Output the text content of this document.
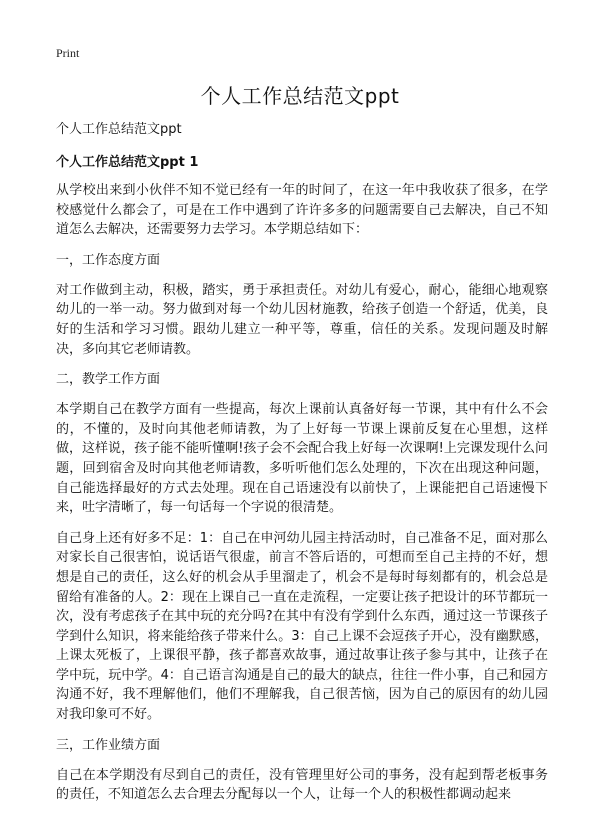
Print
个人工作总结范文ppt

个人工作总结范文ppt

个人工作总结范文ppt 1

从学校出来到小伙伴不知不觉已经有一年的时间了，在这一年中我收获了很多，在学校感觉什么都会了，可是在工作中遇到了许许多多的问题需要自己去解决，自己不知道怎么去解决，还需要努力去学习。本学期总结如下：

一，工作态度方面

对工作做到主动，积极，踏实，勇于承担责任。对幼儿有爱心，耐心，能细心地观察幼儿的一举一动。努力做到对每一个幼儿因材施教，给孩子创造一个舒适，优美，良好的生活和学习习惯。跟幼儿建立一种平等，尊重，信任的关系。发现问题及时解决，多向其它老师请教。

二，教学工作方面

本学期自己在教学方面有一些提高，每次上课前认真备好每一节课，其中有什么不会的，不懂的，及时向其他老师请教，为了上好每一节课上课前反复在心里想，这样做，这样说，孩子能不能听懂啊!孩子会不会配合我上好每一次课啊!上完课发现什么问题，回到宿舍及时向其他老师请教，多听听他们怎么处理的，下次在出现这种问题，自己能选择最好的方式去处理。现在自己语速没有以前快了，上课能把自己语速慢下来，吐字清晰了，每一句话每一个字说的很清楚。

自己身上还有好多不足：1：自己在申河幼儿园主持活动时，自己准备不足，面对那么对家长自己很害怕，说话语气很虚，前言不答后语的，可想而至自己主持的不好，想想是自己的责任，这么好的机会从手里溜走了，机会不是每时每刻都有的，机会总是留给有准备的人。2：现在上课自己一直在走流程，一定要让孩子把设计的环节都玩一次，没有考虑孩子在其中玩的充分吗?在其中有没有学到什么东西，通过这一节课孩子学到什么知识，将来能给孩子带来什么。3：自己上课不会逗孩子开心，没有幽默感，上课太死板了，上课很平静，孩子都喜欢故事，通过故事让孩子参与其中，让孩子在学中玩，玩中学。4：自己语言沟通是自己的最大的缺点，往往一件小事，自己和园方沟通不好，我不理解他们，他们不理解我，自己很苦恼，因为自己的原因有的幼儿园对我印象可不好。

三，工作业绩方面

自己在本学期没有尽到自己的责任，没有管理里好公司的事务，没有起到帮老板事务的责任，不知道怎么去合理去分配每以一个人，让每一个人的积极性都调动起来
